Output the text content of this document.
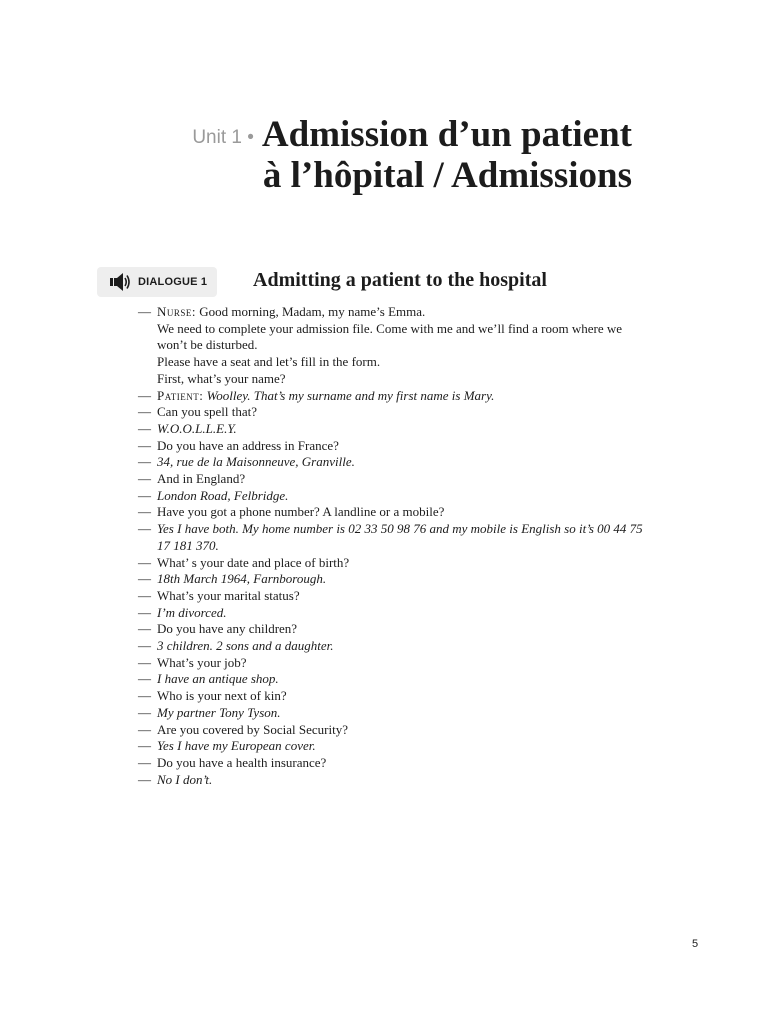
Unit 1 • Admission d’un patient
à l’hôpital / Admissions
DIALOGUE 1 Admitting a patient to the hospital
— Nurse: Good morning, Madam, my name’s Emma.
We need to complete your admission file. Come with me and we’ll find a room where we won’t be disturbed.
Please have a seat and let’s fill in the form.
First, what’s your name?
— Patient: Woolley. That’s my surname and my first name is Mary.
— Can you spell that?
— W.O.O.L.L.E.Y.
— Do you have an address in France?
— 34, rue de la Maisonneuve, Granville.
— And in England?
— London Road, Felbridge.
— Have you got a phone number? A landline or a mobile?
— Yes I have both. My home number is 02 33 50 98 76 and my mobile is English so it’s 00 44 75 17 181 370.
— What’ s your date and place of birth?
— 18th March 1964, Farnborough.
— What’s your marital status?
— I’m divorced.
— Do you have any children?
— 3 children. 2 sons and a daughter.
— What’s your job?
— I have an antique shop.
— Who is your next of kin?
— My partner Tony Tyson.
— Are you covered by Social Security?
— Yes I have my European cover.
— Do you have a health insurance?
— No I don’t.
5
